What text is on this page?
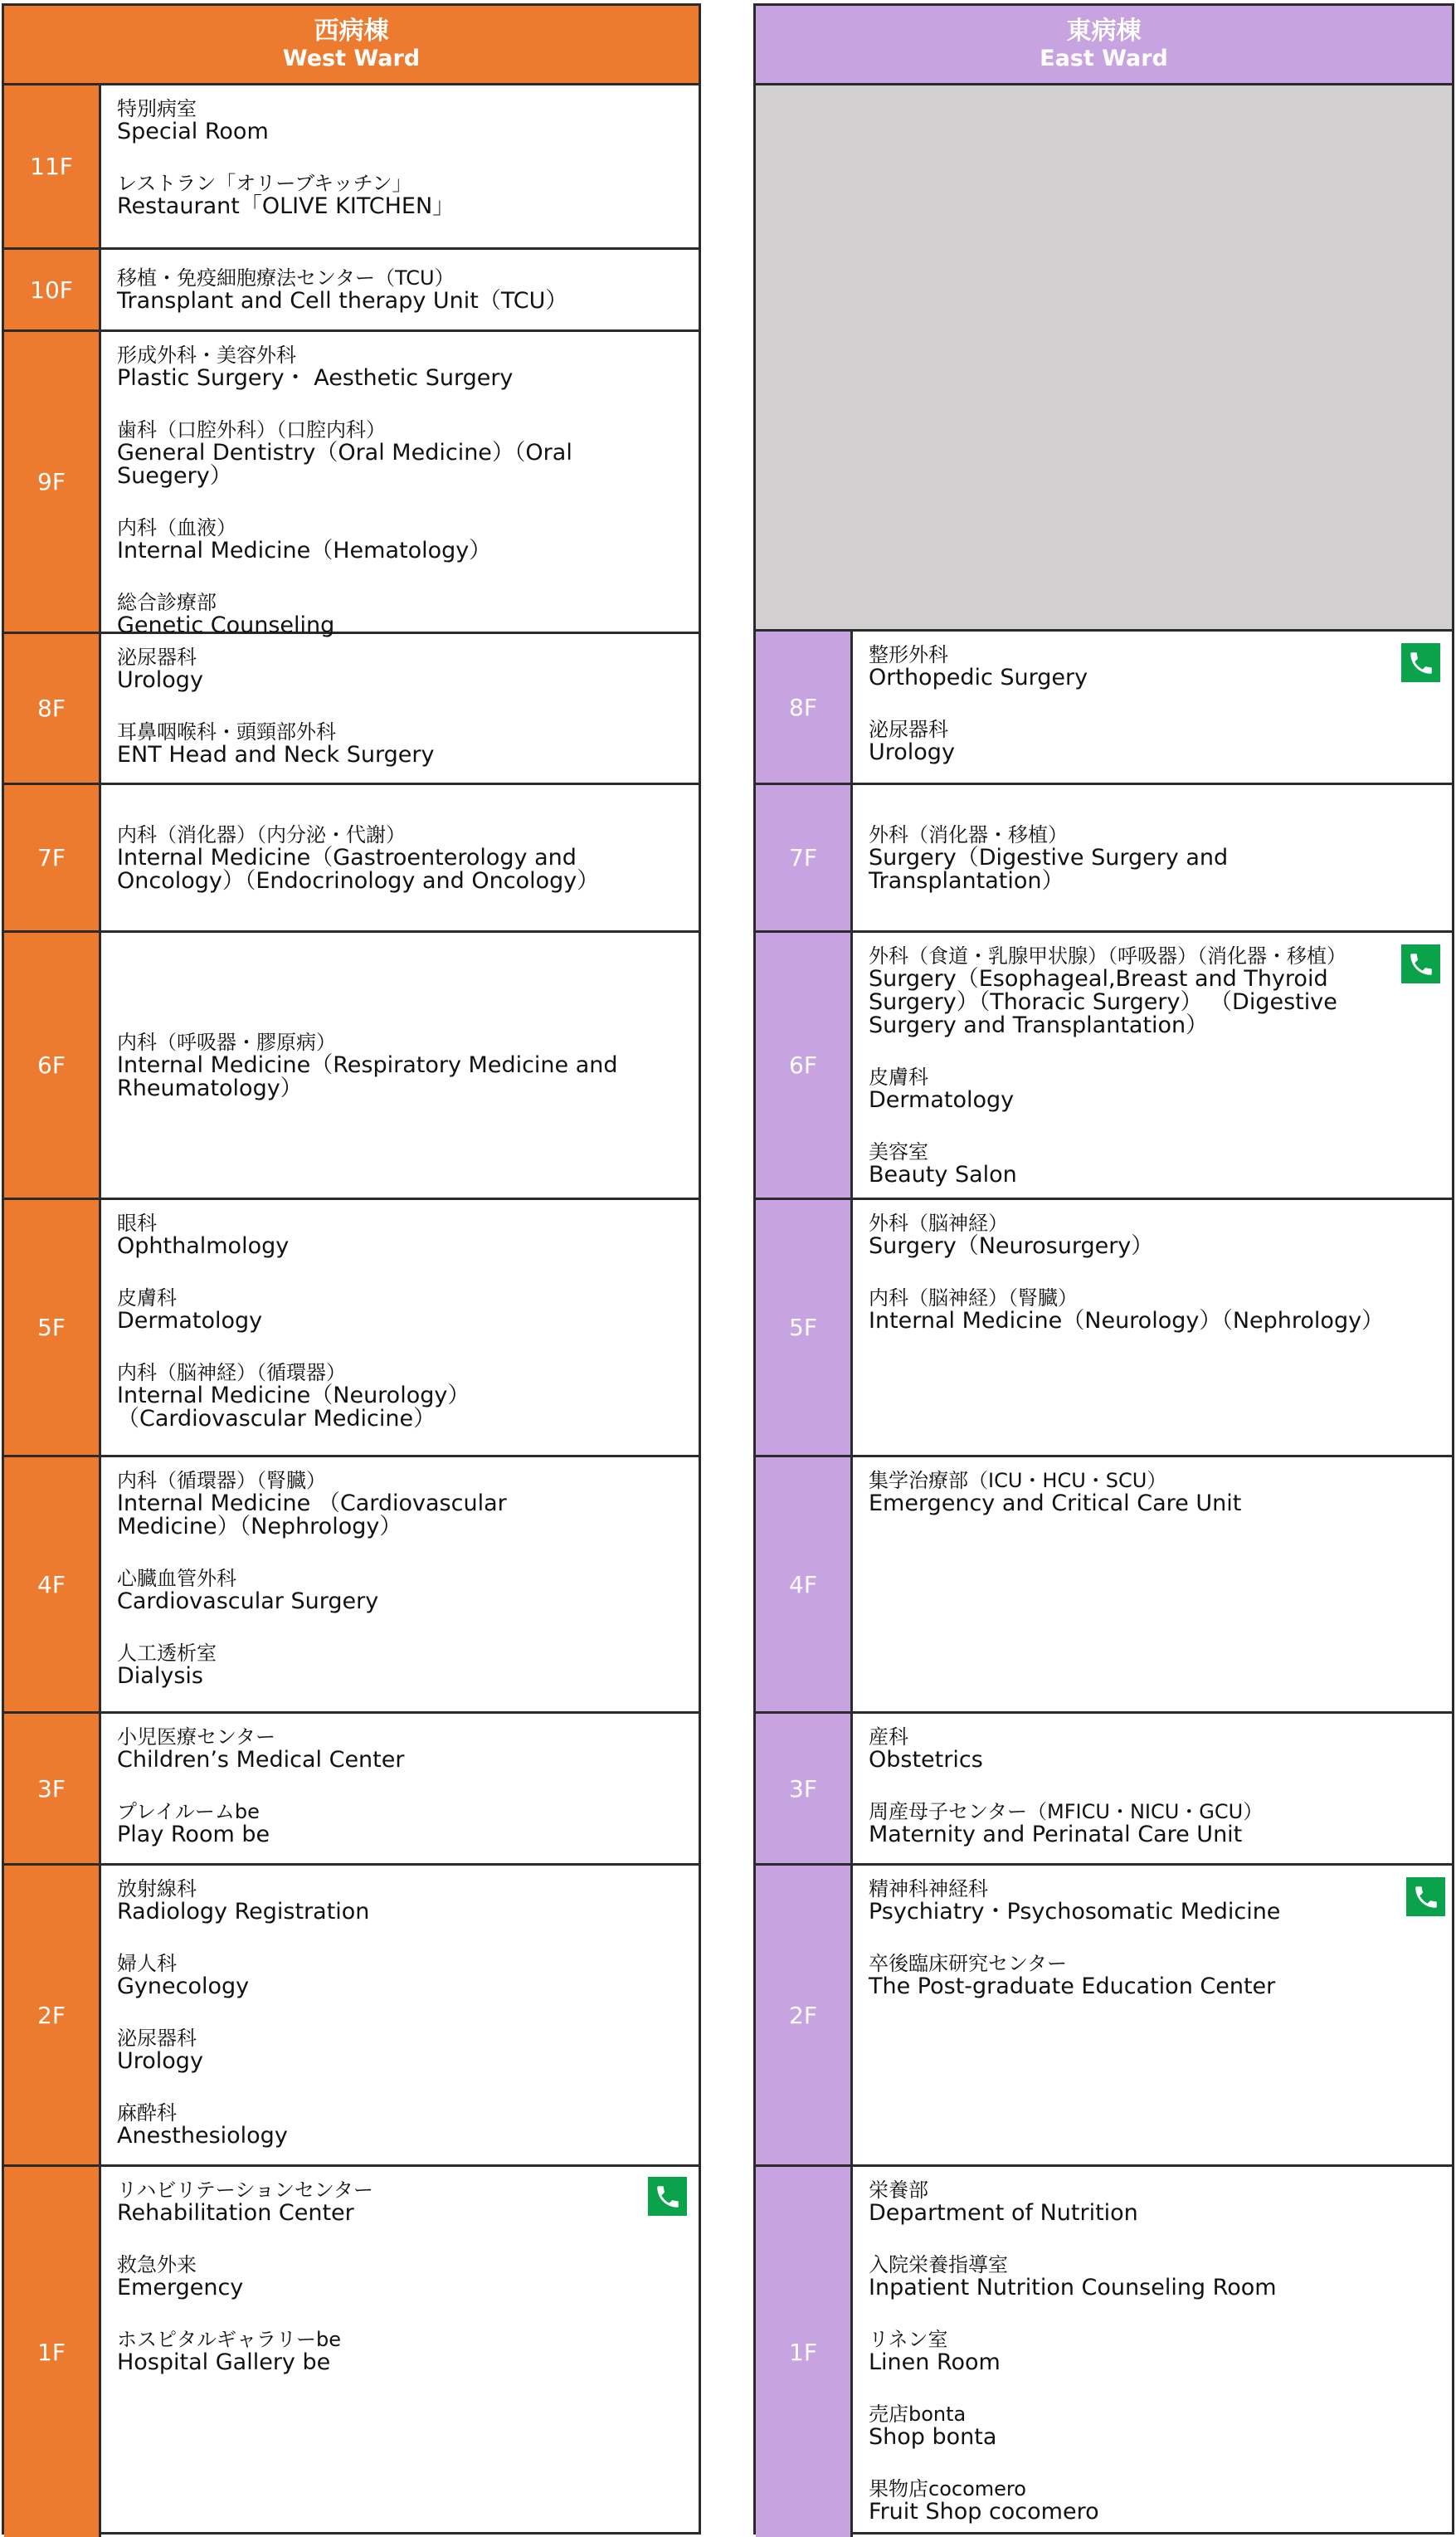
西病棟
West Ward
11F
特別病室
Special Room
レストラン「オリーブキッチン」
Restaurant「OLIVE KITCHEN」
10F	移植・免疫細胞療法センター（TCU）
Transplant and Cell therapy Unit（TCU）
9F
形成外科・美容外科
Plastic Surgery・ Aesthetic Surgery
歯科（口腔外科）（口腔内科）
General Dentistry（Oral Medicine）（Oral Suegery）
内科（血液）
Internal Medicine（Hematology）
総合診療部
Genetic Counseling
8F
泌尿器科
Urology
耳鼻咽喉科・頭頸部外科
ENT Head and Neck Surgery
7F
内科（消化器）（内分泌・代謝）
Internal Medicine（Gastroenterology and Oncology）（Endocrinology and Oncology）
6F
内科（呼吸器・膠原病）
Internal Medicine（Respiratory Medicine and Rheumatology）
5F
眼科
Ophthalmology
皮膚科
Dermatology
内科（脳神経）（循環器）
Internal Medicine（Neurology）（Cardiovascular Medicine）
4F
内科（循環器）（腎臓）
Internal Medicine （Cardiovascular Medicine）（Nephrology）
心臓血管外科
Cardiovascular Surgery
人工透析室
Dialysis
3F
小児医療センター
Children’s Medical Center
プレイルームbe
Play Room be
2F
放射線科
Radiology Registration
婦人科
Gynecology
泌尿器科
Urology
麻酔科
Anesthesiology
1F
リハビリテーションセンター
Rehabilitation Center
救急外来
Emergency
ホスピタルギャラリーbe
Hospital Gallery be
東病棟
East Ward
8F
整形外科
Orthopedic Surgery
泌尿器科
Urology
7F
外科（消化器・移植）
Surgery（Digestive Surgery and Transplantation）
6F
外科（食道・乳腺甲状腺）（呼吸器）（消化器・移植）
Surgery（Esophageal,Breast and Thyroid Surgery）（Thoracic Surgery） （Digestive Surgery and Transplantation）
皮膚科
Dermatology
美容室
Beauty Salon
5F
外科（脳神経）
Surgery（Neurosurgery）
内科（脳神経）（腎臓）
Internal Medicine（Neurology）（Nephrology）
4F
集学治療部（ICU・HCU・SCU）
Emergency and Critical Care Unit
3F
産科
Obstetrics
周産母子センター（MFICU・NICU・GCU）
Maternity and Perinatal Care Unit
2F
精神科神経科
Psychiatry・Psychosomatic Medicine
卒後臨床研究センター
The Post-graduate Education Center
1F
栄養部
Department of Nutrition
入院栄養指導室
Inpatient Nutrition Counseling Room
リネン室
Linen Room
売店bonta
Shop bonta
果物店cocomero
Fruit Shop cocomero
